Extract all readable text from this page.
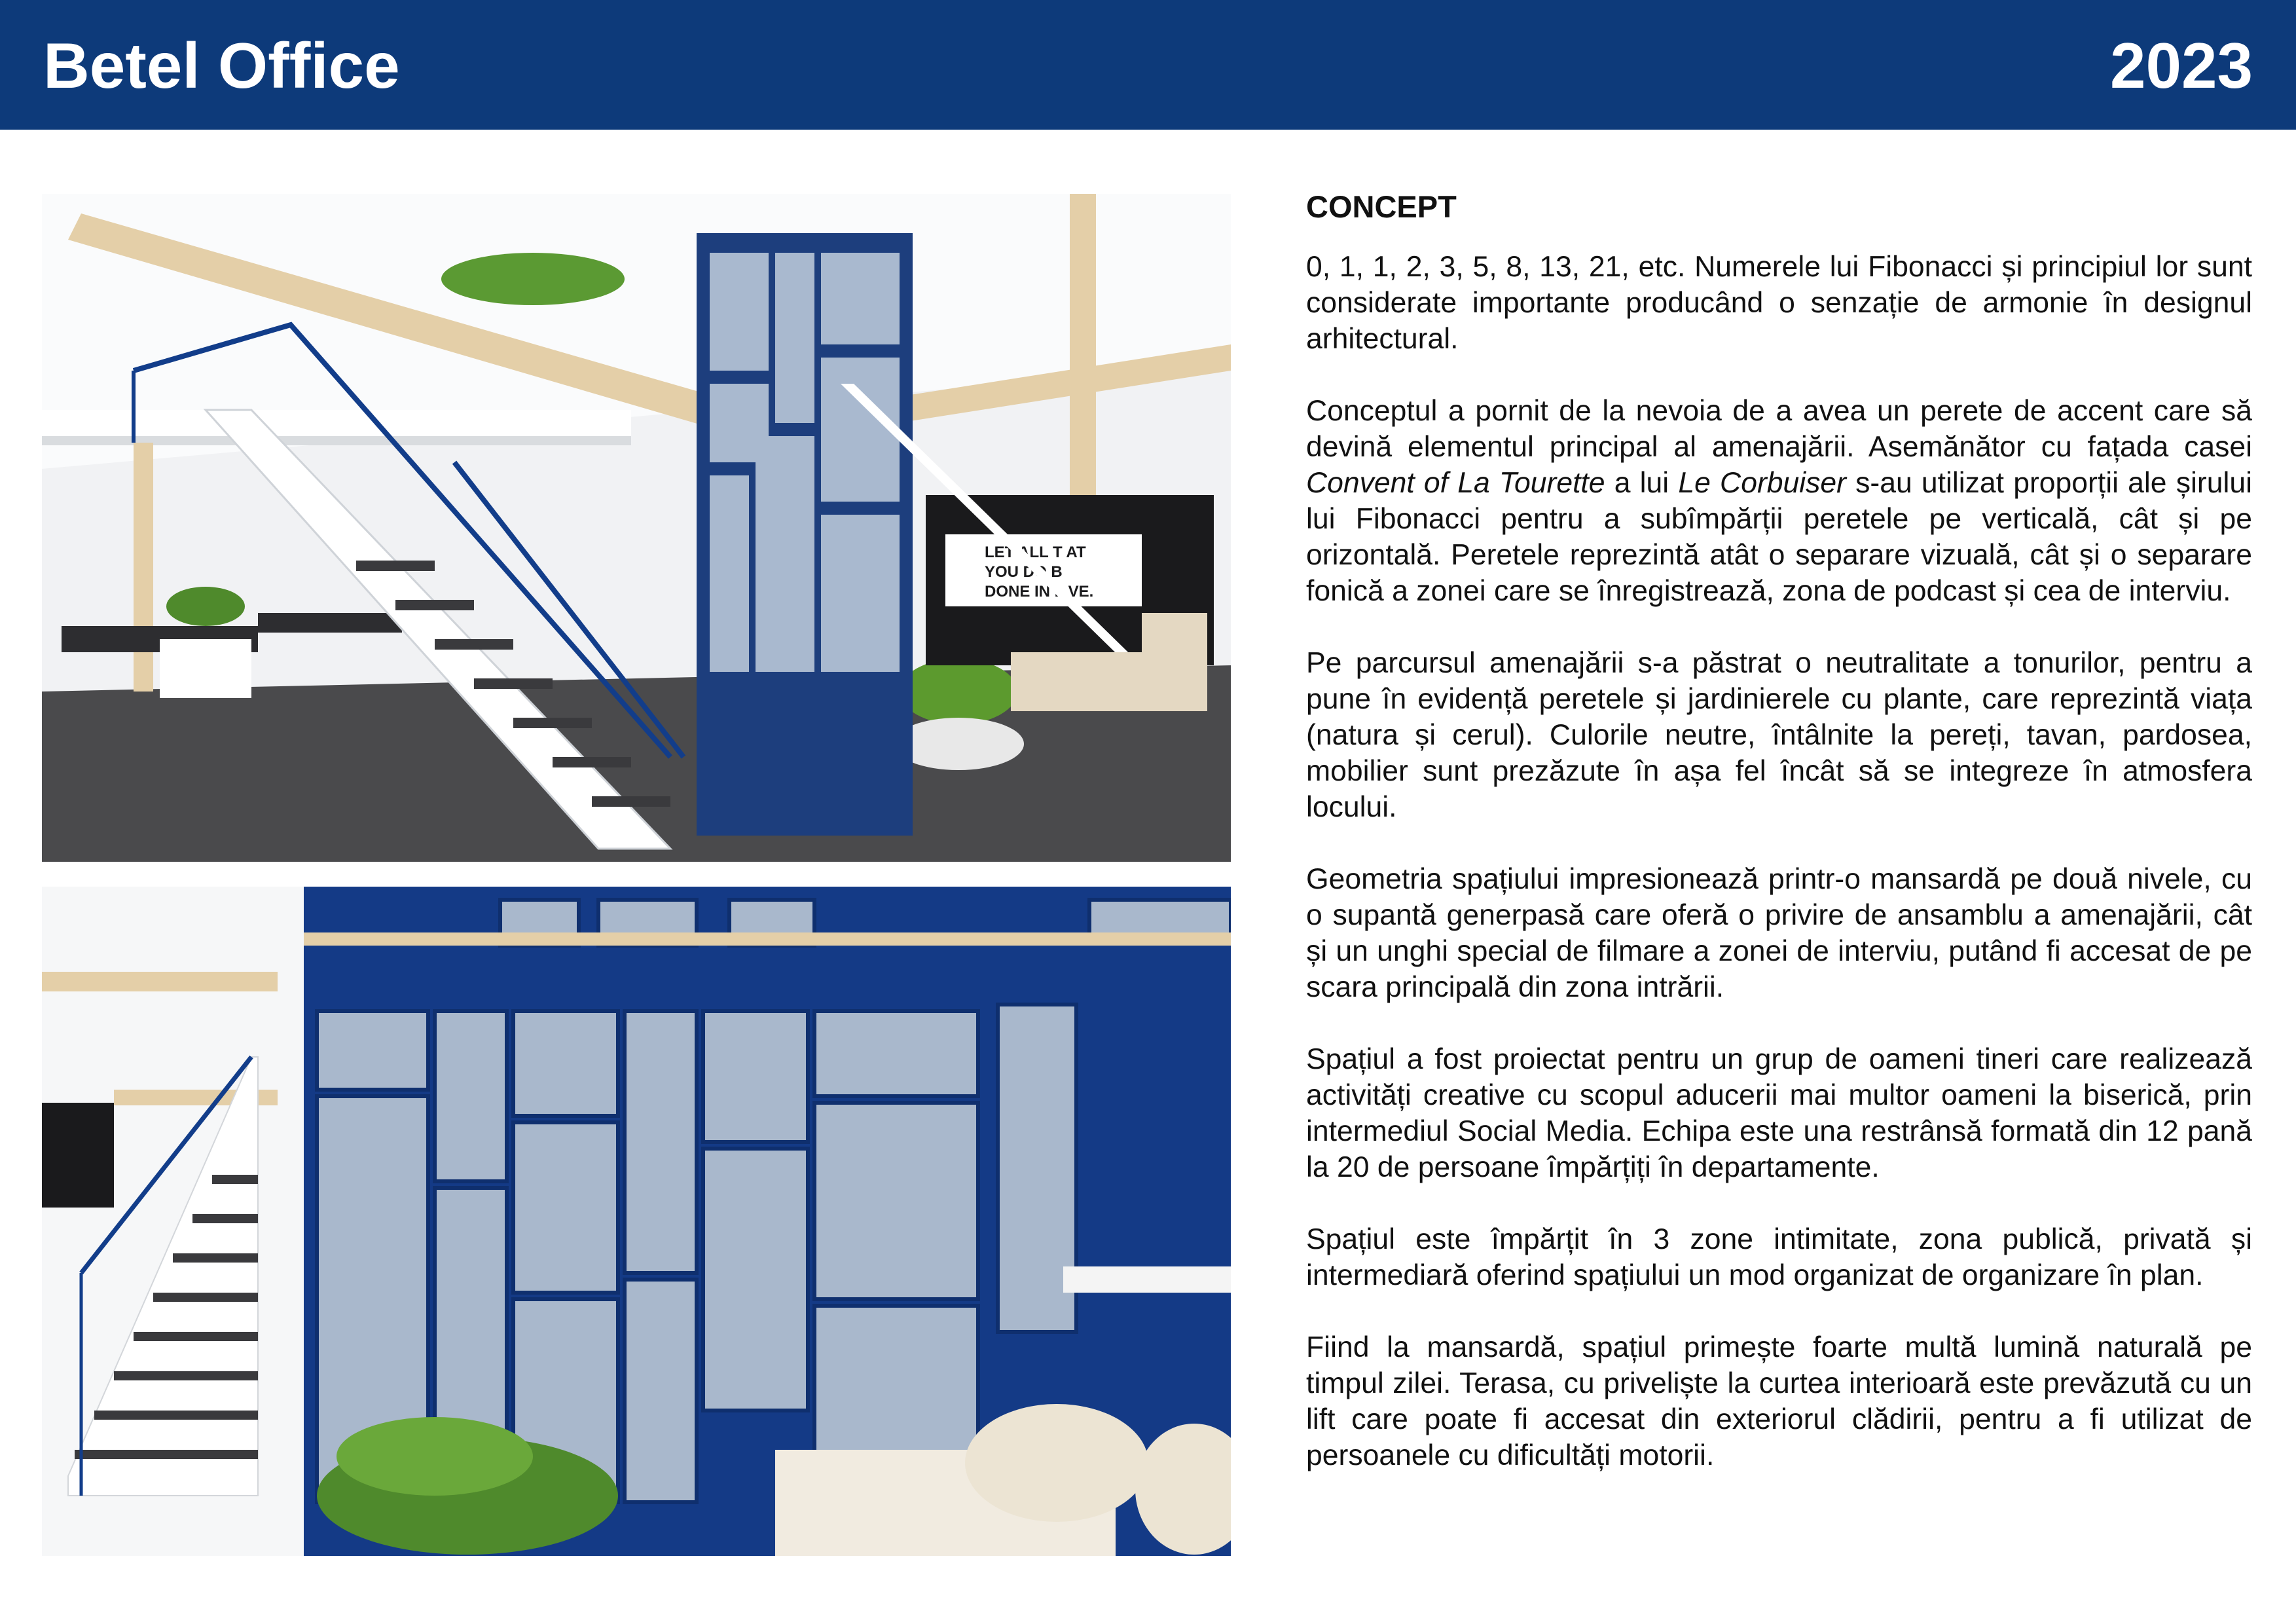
Betel Office	2023
LET ALL T AT
YOU DO B
DONE IN L VE.
CONCEPT

0, 1, 1, 2, 3, 5, 8, 13, 21, etc. Numerele lui Fibonacci și principiul lor sunt considerate importante producând o senzație de armonie în designul arhitectural.

Conceptul a pornit de la nevoia de a avea un perete de accent care să devină elementul principal al amenajării. Asemănător cu fațada casei Convent of La Tourette a lui Le Corbuiser s-au utilizat proporții ale șirului lui Fibonacci pentru a subîmpărții peretele pe verticală, cât și pe orizontală. Peretele reprezintă atât o separare vizuală, cât și o separare fonică a zonei care se înregistrează, zona de podcast și cea de interviu.

Pe parcursul amenajării s-a păstrat o neutralitate a tonurilor, pentru a pune în evidență peretele și jardinierele cu plante, care reprezintă viața (natura și cerul). Culorile neutre, întâlnite la pereți, tavan, pardosea, mobilier sunt prezăzute în așa fel încât să se integreze în atmosfera locului.

Geometria spațiului impresionează printr-o mansardă pe două nivele, cu o supantă generpasă care oferă o privire de ansamblu a amenajării, cât și un unghi special de filmare a zonei de interviu, putând fi accesat de pe scara principală din zona intrării.

Spațiul a fost proiectat pentru un grup de oameni tineri care realizează activități creative cu scopul aducerii mai multor oameni la biserică, prin intermediul Social Media. Echipa este una restrânsă formată din 12 pană la 20 de persoane împărțiți în departamente.

Spațiul este împărțit în 3 zone intimitate, zona publică, privată și intermediară oferind spațiului un mod organizat de organizare în plan.

Fiind la mansardă, spațiul primește foarte multă lumină naturală pe timpul zilei. Terasa, cu priveliște la curtea interioară este prevăzută cu un lift care poate fi accesat din exteriorul clădirii, pentru a fi utilizat de persoanele cu dificultăți motorii.
